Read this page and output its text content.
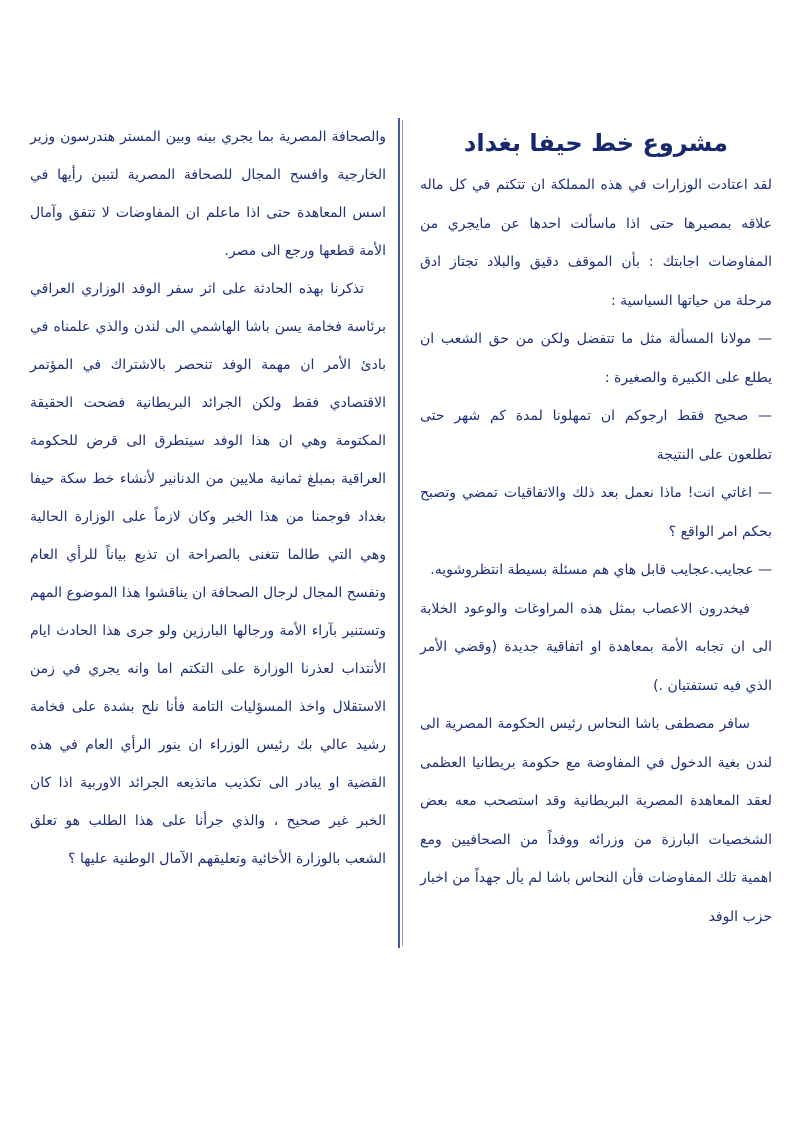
مشروع خط حيفا بغداد

لقد اعتادت الوزارات في هذه المملكة ان تتكتم في كل ماله علاقه بمصيرها حتى اذا ماسألت احدها عن مايجري من المفاوضات اجابتك : بأن الموقف دقيق والبلاد تجتاز ادق مرحلة من حياتها السياسية :

— مولانا المسألة مثل ما تتفضل ولكن من حق الشعب ان يطلع على الكبيرة والصغيرة :

— صحيح فقط ارجوكم ان تمهلونا لمدة كم شهر حتى تطلعون على النتيجة

— اغاتي انت! ماذا نعمل بعد ذلك والاتفاقيات تمضي وتصبح بحكم امر الواقع ؟

— عجايب.عجايب قابل هاي هم مسئلة بسيطة انتظروشويه.

فيخدرون الاعصاب بمثل هذه المراوغات والوعود الخلابة الى ان تجابه الأمة بمعاهدة او اتفاقية جديدة (وقضي الأمر الذي فيه تستفتيان .)

سافر مصطفى باشا النحاس رئيس الحكومة المصرية الى لندن بغية الدخول في المفاوضة مع حكومة بريطانيا العظمى لعقد المعاهدة المصرية البريطانية وقد استصحب معه بعض الشخصيات البارزة من وزرائه ووفداً من الصحافيين ومع اهمية تلك المفاوضات فأن النحاس باشا لم يأل جهداً من اخبار حزب الوفد

والصحافة المصرية بما يجري بينه وبين المستر هندرسون وزير الخارجية وافسح المجال للصحافة المصرية لتبين رأيها في اسس المعاهدة حتى اذا ماعلم ان المفاوضات لا تتفق وآمال الأمة قطعها ورجع الى مصر.

تذكرنا بهذه الحادثة على اثر سفر الوفد الوزاري العراقي برئاسة فخامة يسن باشا الهاشمي الى لندن والذي علمناه في بادئ الأمر ان مهمة الوفد تنحصر بالاشتراك في المؤتمر الاقتصادي فقط ولكن الجرائد البريطانية فضحت الحقيقة المكتومة وهي ان هذا الوفد سيتطرق الى قرض للحكومة العراقية بمبلغ ثمانية ملايين من الدنانير لأنشاء خط سكة حيفا بغداد فوجمنا من هذا الخبر وكان لازماً على الوزارة الحالية وهي التي طالما تتغنى بالصراحة ان تذيع بياناً للرأي العام وتفسح المجال لرجال الصحافة ان يناقشوا هذا الموضوع المهم وتستنير بآراء الأمة ورجالها البارزين ولو جرى هذا الحادث ايام الأنتداب لعذرنا الوزارة على التكتم اما وانه يجري في زمن الاستقلال واخذ المسؤليات التامة فأنا نلح بشدة على فخامة رشيد عالي بك رئيس الوزراء ان ينور الرأي العام في هذه القضية او يبادر الى تكذيب ماتذيعه الجرائد الاوربية اذا كان الخبر غير صحيح ، والذي جرأنا على هذا الطلب هو تعلق الشعب بالوزارة الأخائية وتعليقهم الآمال الوطنية عليها ؟
